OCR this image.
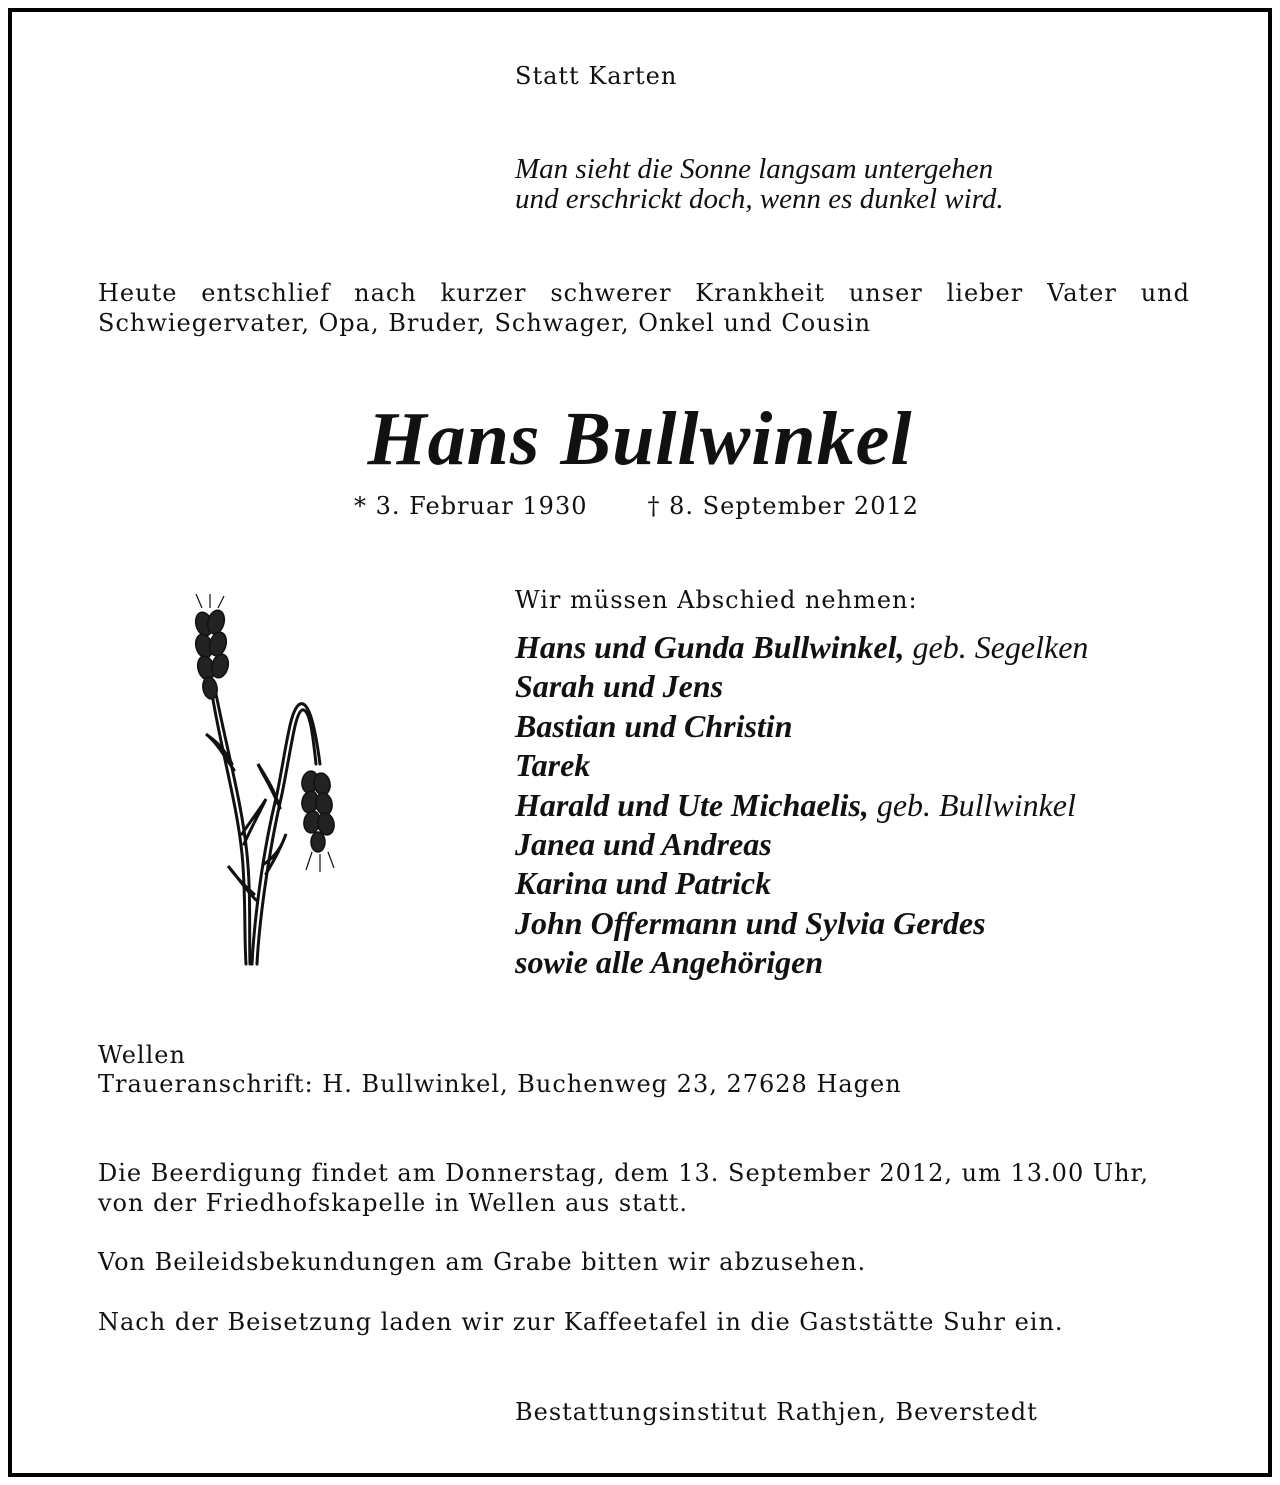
Statt Karten

Man sieht die Sonne langsam untergehen
und erschrickt doch, wenn es dunkel wird.
Heute entschlief nach kurzer schwerer Krankheit unser lieber Vater und
Schwiegervater, Opa, Bruder, Schwager, Onkel und Cousin
Hans Bullwinkel
* 3. Februar 1930	† 8. September 2012

Wir müssen Abschied nehmen:

Hans und Gunda Bullwinkel, geb. Segelken
Sarah und Jens
Bastian und Christin
Tarek
Harald und Ute Michaelis, geb. Bullwinkel
Janea und Andreas
Karina und Patrick
John Offermann und Sylvia Gerdes
sowie alle Angehörigen

Wellen

Traueranschrift: H. Bullwinkel, Buchenweg 23, 27628 Hagen

Die Beerdigung findet am Donnerstag, dem 13. September 2012, um 13.00 Uhr,
von der Friedhofskapelle in Wellen aus statt.

Von Beileidsbekundungen am Grabe bitten wir abzusehen.

Nach der Beisetzung laden wir zur Kaffeetafel in die Gaststätte Suhr ein.

Bestattungsinstitut Rathjen, Beverstedt
